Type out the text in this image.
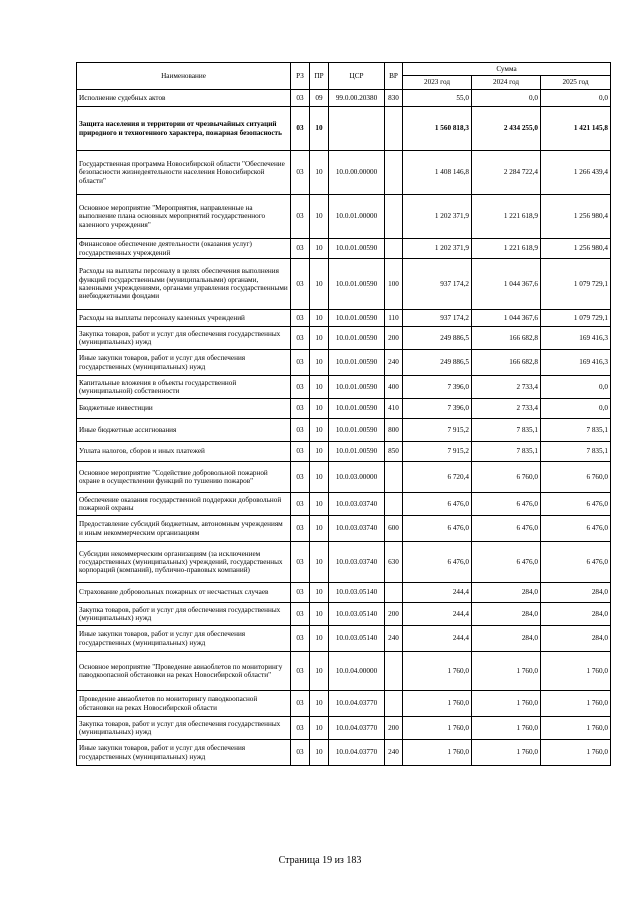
Наименование	РЗ	ПР	ЦСР	ВР	Сумма		
					2023 год	2024 год	2025 год
Исполнение судебных актов	03	09	99.0.00.20380	830	55,0	0,0	0,0
Защита населения и территории от чрезвычайных ситуаций природного и техногенного характера, пожарная безопасность	03	10			1 560 818,3	2 434 255,0	1 421 145,8
Государственная программа Новосибирской области "Обеспечение безопасности жизнедеятельности населения Новосибирской области"	03	10	10.0.00.00000		1 408 146,8	2 284 722,4	1 266 439,4
Основное мероприятие "Мероприятия, направленные на выполнение плана основных мероприятий государственного казенного учреждения"	03	10	10.0.01.00000		1 202 371,9	1 221 618,9	1 256 980,4
Финансовое обеспечение деятельности (оказания услуг) государственных учреждений	03	10	10.0.01.00590		1 202 371,9	1 221 618,9	1 256 980,4
Расходы на выплаты персоналу в целях обеспечения выполнения функций государственными (муниципальными) органами, казенными учреждениями, органами управления государственными внебюджетными фондами	03	10	10.0.01.00590	100	937 174,2	1 044 367,6	1 079 729,1
Расходы на выплаты персоналу казенных учреждений	03	10	10.0.01.00590	110	937 174,2	1 044 367,6	1 079 729,1
Закупка товаров, работ и услуг для обеспечения государственных (муниципальных) нужд	03	10	10.0.01.00590	200	249 886,5	166 682,8	169 416,3
Иные закупки товаров, работ и услуг для обеспечения государственных (муниципальных) нужд	03	10	10.0.01.00590	240	249 886,5	166 682,8	169 416,3
Капитальные вложения в объекты государственной (муниципальной) собственности	03	10	10.0.01.00590	400	7 396,0	2 733,4	0,0
Бюджетные инвестиции	03	10	10.0.01.00590	410	7 396,0	2 733,4	0,0
Иные бюджетные ассигнования	03	10	10.0.01.00590	800	7 915,2	7 835,1	7 835,1
Уплата налогов, сборов и иных платежей	03	10	10.0.01.00590	850	7 915,2	7 835,1	7 835,1
Основное мероприятие "Содействие добровольной пожарной охране в осуществлении функций по тушению пожаров"	03	10	10.0.03.00000		6 720,4	6 760,0	6 760,0
Обеспечение оказания государственной поддержки добровольной пожарной охраны	03	10	10.0.03.03740		6 476,0	6 476,0	6 476,0
Предоставление субсидий бюджетным, автономным учреждениям и иным некоммерческим организациям	03	10	10.0.03.03740	600	6 476,0	6 476,0	6 476,0
Субсидии некоммерческим организациям (за исключением государственных (муниципальных) учреждений, государственных корпораций (компаний), публично-правовых компаний)	03	10	10.0.03.03740	630	6 476,0	6 476,0	6 476,0
Страхование добровольных пожарных от несчастных случаев	03	10	10.0.03.05140		244,4	284,0	284,0
Закупка товаров, работ и услуг для обеспечения государственных (муниципальных) нужд	03	10	10.0.03.05140	200	244,4	284,0	284,0
Иные закупки товаров, работ и услуг для обеспечения государственных (муниципальных) нужд	03	10	10.0.03.05140	240	244,4	284,0	284,0
Основное мероприятие "Проведение авиаоблетов по мониторингу паводкоопасной обстановки на реках Новосибирской области"	03	10	10.0.04.00000		1 760,0	1 760,0	1 760,0
Проведение авиаоблетов по мониторингу паводкоопасной обстановки на реках Новосибирской области	03	10	10.0.04.03770		1 760,0	1 760,0	1 760,0
Закупка товаров, работ и услуг для обеспечения государственных (муниципальных) нужд	03	10	10.0.04.03770	200	1 760,0	1 760,0	1 760,0
Иные закупки товаров, работ и услуг для обеспечения государственных (муниципальных) нужд	03	10	10.0.04.03770	240	1 760,0	1 760,0	1 760,0
Страница 19 из 183
